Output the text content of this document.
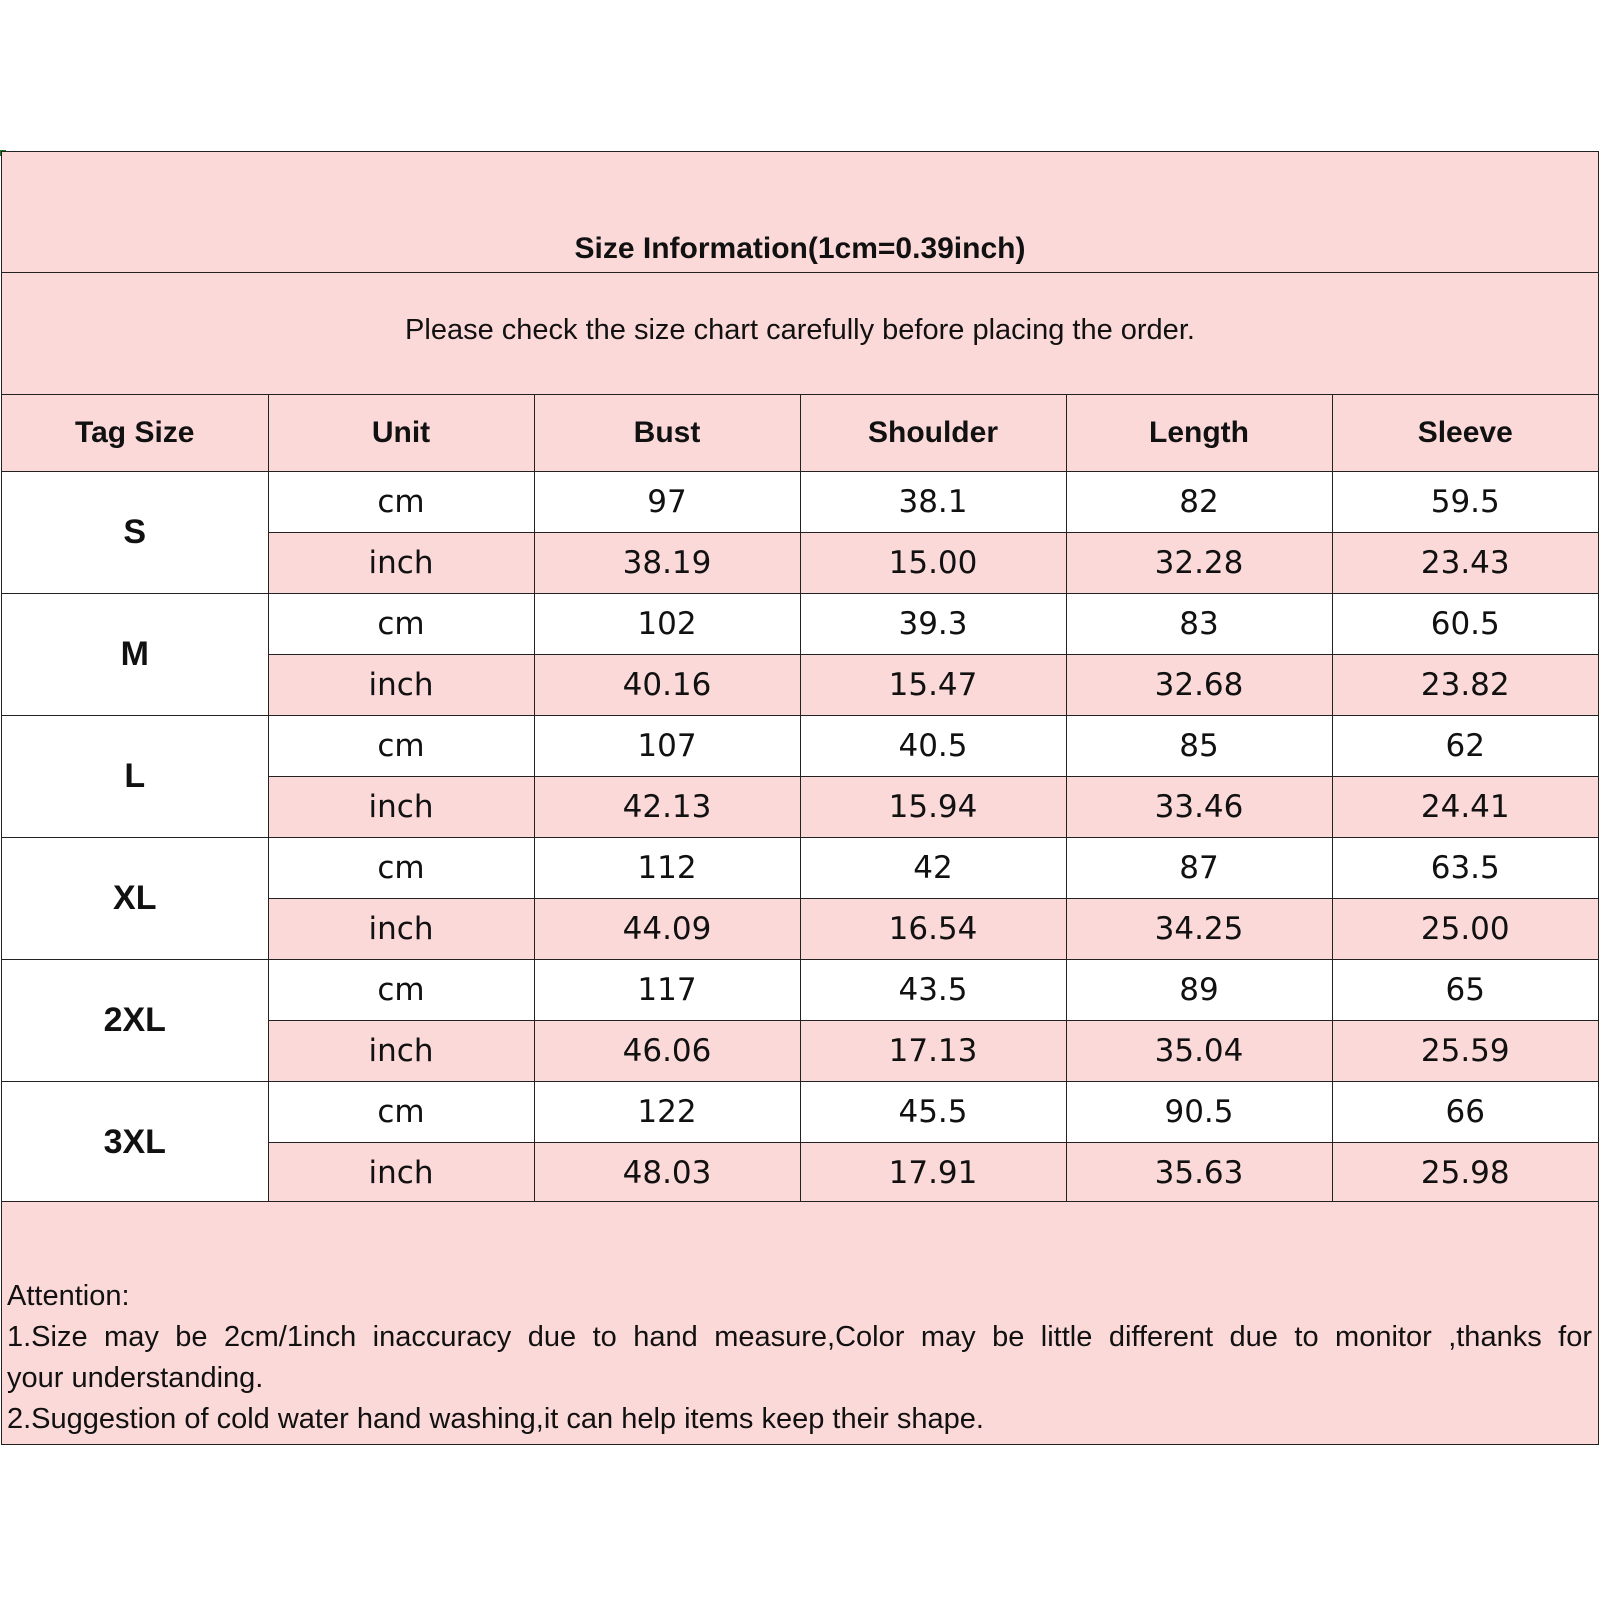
Size Information(1cm=0.39inch)
Please check the size chart carefully before placing the order.
Tag Size	Unit	Bust	Shoulder	Length	Sleeve
S	cm	97	38.1	82	59.5
	inch	38.19	15.00	32.28	23.43
M	cm	102	39.3	83	60.5
	inch	40.16	15.47	32.68	23.82
L	cm	107	40.5	85	62
	inch	42.13	15.94	33.46	24.41
XL	cm	112	42	87	63.5
	inch	44.09	16.54	34.25	25.00
2XL	cm	117	43.5	89	65
	inch	46.06	17.13	35.04	25.59
3XL	cm	122	45.5	90.5	66
	inch	48.03	17.91	35.63	25.98
Attention:
1.Size may be 2cm/1inch inaccuracy due to hand measure,Color may be little different due to monitor ,thanks for
your understanding.
2.Suggestion of cold water hand washing,it can help items keep their shape.
